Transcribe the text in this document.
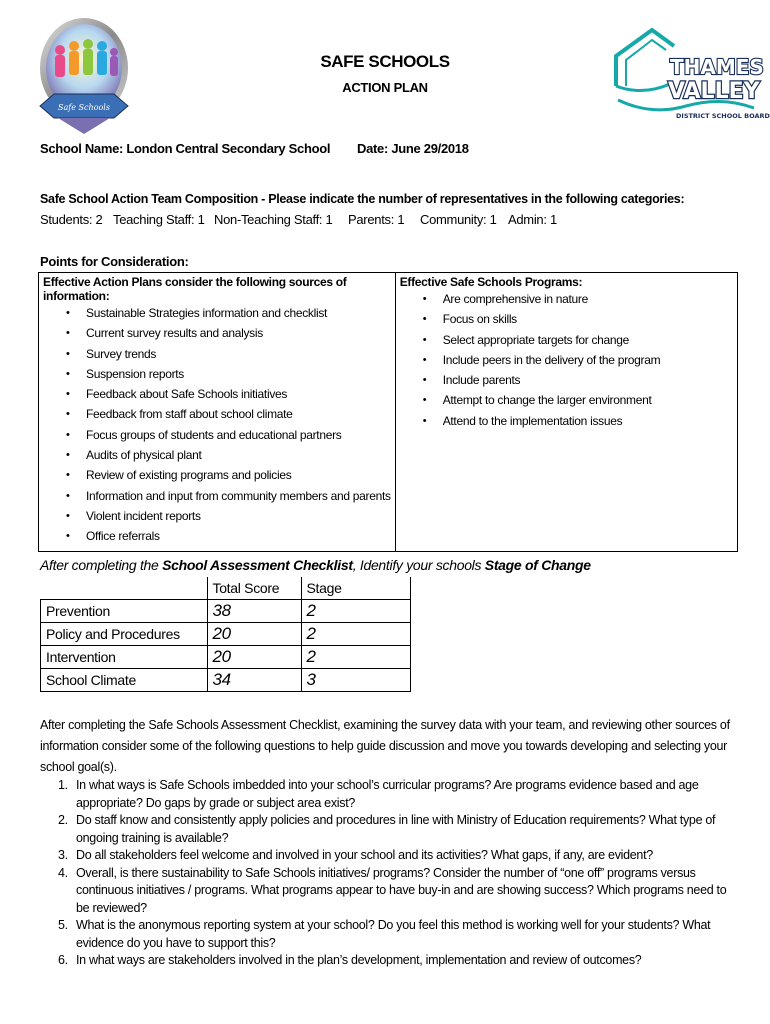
Safe Schools
THAMES
VALLEY
DISTRICT SCHOOL BOARD
SAFE SCHOOLS
ACTION PLAN
School Name: London Central Secondary School Date: June 29/2018
Safe School Action Team Composition - Please indicate the number of representatives in the following categories:
Students: 2 Teaching Staff: 1 Non-Teaching Staff: 1 Parents: 1 Community: 1 Admin: 1
Points for Consideration:
Effective Action Plans consider the following sources of information:
• Sustainable Strategies information and checklist
• Current survey results and analysis
• Survey trends
• Suspension reports
• Feedback about Safe Schools initiatives
• Feedback from staff about school climate
• Focus groups of students and educational partners
• Audits of physical plant
• Review of existing programs and policies
• Information and input from community members and parents
• Violent incident reports
• Office referrals

Effective Safe Schools Programs:
• Are comprehensive in nature
• Focus on skills
• Select appropriate targets for change
• Include peers in the delivery of the program
• Include parents
• Attempt to change the larger environment
• Attend to the implementation issues
After completing the School Assessment Checklist, Identify your schools Stage of Change
	Total Score	Stage
Prevention	38	2
Policy and Procedures	20	2
Intervention	20	2
School Climate	34	3
After completing the Safe Schools Assessment Checklist, examining the survey data with your team, and reviewing other sources of information consider some of the following questions to help guide discussion and move you towards developing and selecting your school goal(s).
1. In what ways is Safe Schools imbedded into your school’s curricular programs? Are programs evidence based and age appropriate? Do gaps by grade or subject area exist?
2. Do staff know and consistently apply policies and procedures in line with Ministry of Education requirements? What type of ongoing training is available?
3. Do all stakeholders feel welcome and involved in your school and its activities? What gaps, if any, are evident?
4. Overall, is there sustainability to Safe Schools initiatives/ programs? Consider the number of “one off” programs versus continuous initiatives / programs. What programs appear to have buy-in and are showing success? Which programs need to be reviewed?
5. What is the anonymous reporting system at your school? Do you feel this method is working well for your students? What evidence do you have to support this?
6. In what ways are stakeholders involved in the plan’s development, implementation and review of outcomes?
